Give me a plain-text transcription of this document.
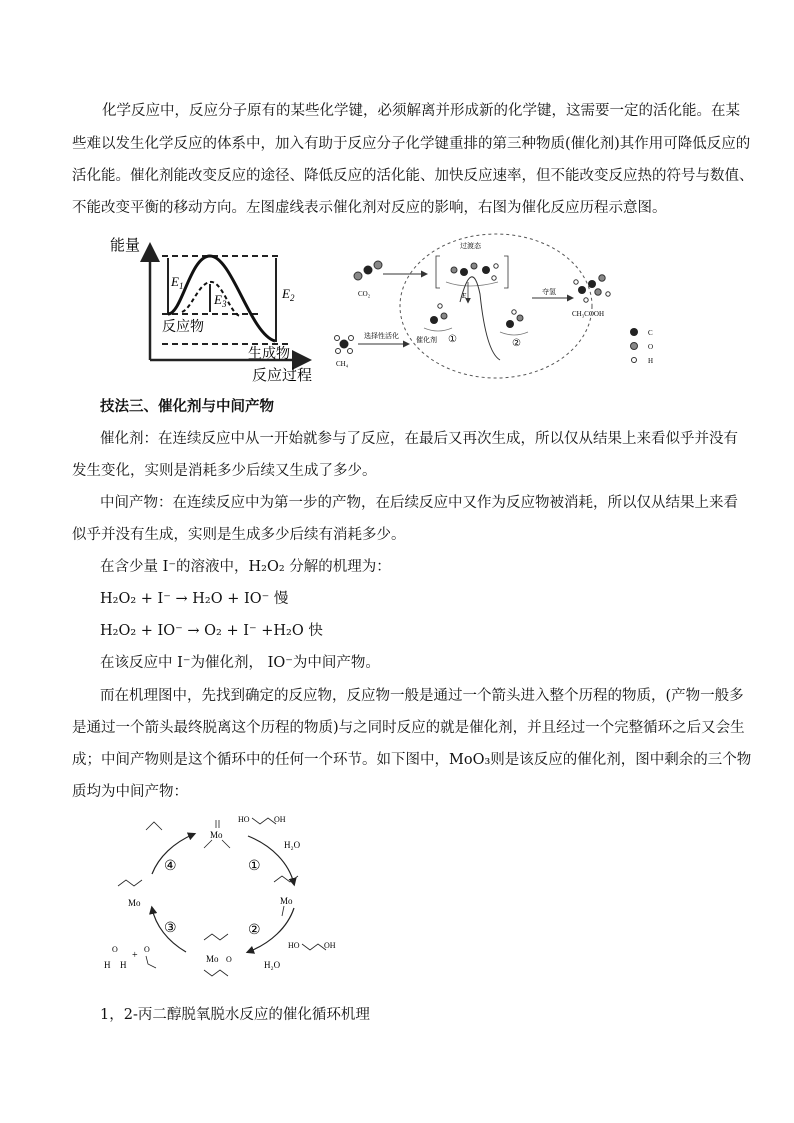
化学反应中，反应分子原有的某些化学键，必须解离并形成新的化学键，这需要一定的活化能。在某
些难以发生化学反应的体系中，加入有助于反应分子化学键重排的第三种物质(催化剂)其作用可降低反应的
活化能。催化剂能改变反应的途径、降低反应的活化能、加快反应速率，但不能改变反应热的符号与数值、
不能改变平衡的移动方向。左图虚线表示催化剂对反应的影响，右图为催化反应历程示意图。
能量
反应过程
$E_1$
$E_3$
$E_2$
反应物
生成物
CO₂
CH₄
选择性活化
过渡态
催化剂 ①	②
E	夺氢
CH₃COOH
C
O
H
技法三、催化剂与中间产物
催化剂：在连续反应中从一开始就参与了反应，在最后又再次生成，所以仅从结果上来看似乎并没有
发生变化，实则是消耗多少后续又生成了多少。
中间产物：在连续反应中为第一步的产物，在后续反应中又作为反应物被消耗，所以仅从结果上来看
似乎并没有生成，实则是生成多少后续有消耗多少。
在含少量 I⁻的溶液中，H₂O₂ 分解的机理为：
H₂O₂ + I⁻ → H₂O + IO⁻ 慢
H₂O₂ + IO⁻ → O₂ + I⁻ +H₂O 快
在该反应中 I⁻为催化剂， IO⁻为中间产物。
而在机理图中，先找到确定的反应物，反应物一般是通过一个箭头进入整个历程的物质，(产物一般多
是通过一个箭头最终脱离这个历程的物质)与之同时反应的就是催化剂，并且经过一个完整循环之后又会生
成；中间产物则是这个循环中的任何一个环节。如下图中，MoO₃则是该反应的催化剂，图中剩余的三个物
质均为中间产物：
①
②
③
④
Mo
HO	OH
H₂O
Mo
HO	OH
H₂O
Mo O
Mo
H H
O
+
O
1，2-丙二醇脱氧脱水反应的催化循环机理
